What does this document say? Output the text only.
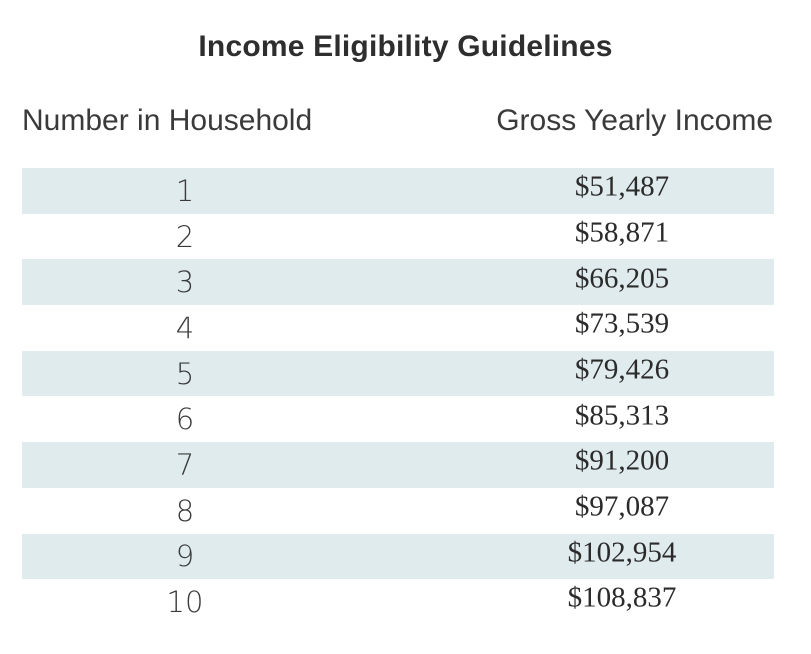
Income Eligibility Guidelines
Number in Household	Gross Yearly Income
1	$51,487
2	$58,871
3	$66,205
4	$73,539
5	$79,426
6	$85,313
7	$91,200
8	$97,087
9	$102,954
10	$108,837
